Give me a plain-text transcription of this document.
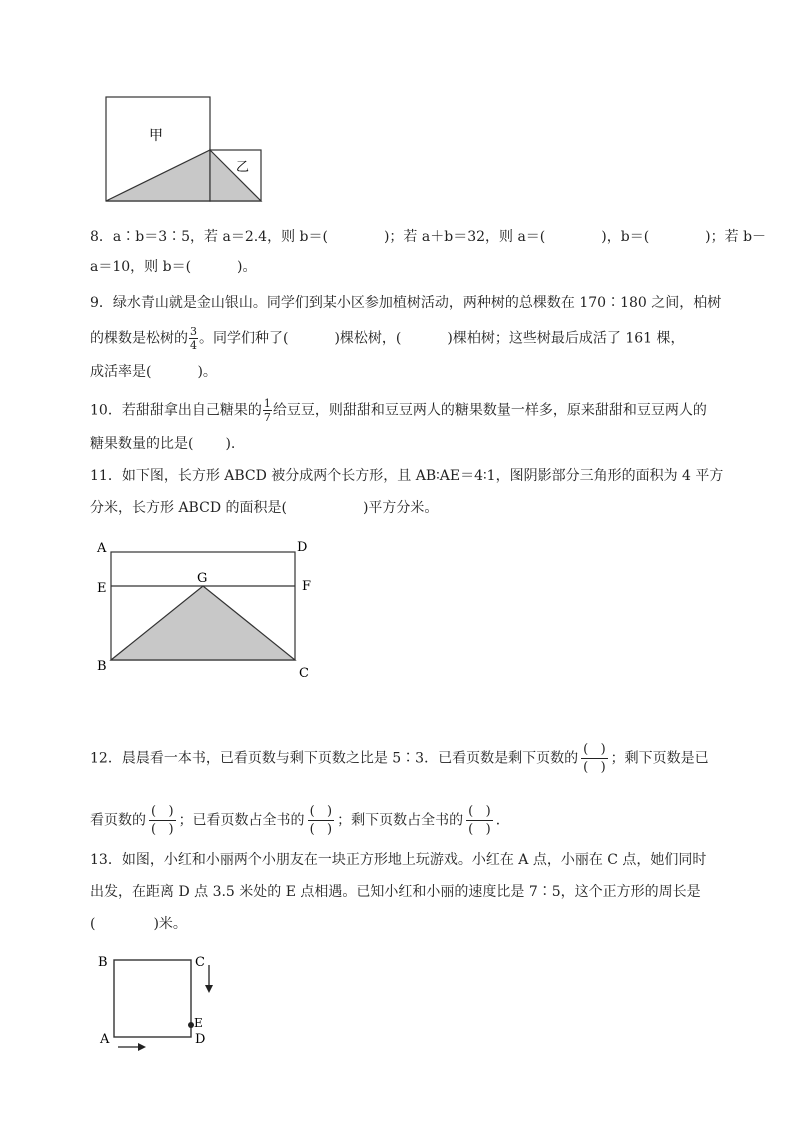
甲
乙
8．a∶b＝3∶5，若 a＝2.4，则 b＝(	)；若 a＋b＝32，则 a＝(	)，b＝(	)；若 b－
a＝10，则 b＝(	)。
9．绿水青山就是金山银山。同学们到某小区参加植树活动，两种树的总棵数在 170∶180 之间，柏树
的棵数是松树的 $\frac{3}{4}$ 。同学们种了(	)棵松树，(	)棵柏树；这些树最后成活了 161 棵，
成活率是(	)。
10．若甜甜拿出自己糖果的 $\frac{1}{7}$ 给豆豆，则甜甜和豆豆两人的糖果数量一样多，原来甜甜和豆豆两人的
糖果数量的比是( ).
11．如下图，长方形 ABCD 被分成两个长方形，且 AB∶AE＝4∶1，图阴影部分三角形的面积为 4 平方
分米，长方形 ABCD 的面积是(	)平方分米。
A	D
E	F
G
B	C
12．晨晨看一本书，已看页数与剩下页数之比是 5∶3．已看页数是剩下页数的 $\frac{( )}{( )}$ ；剩下页数是已
看页数的 $\frac{( )}{( )}$ ；已看页数占全书的 $\frac{( )}{( )}$ ；剩下页数占全书的 $\frac{( )}{( )}$ ．
13．如图，小红和小丽两个小朋友在一块正方形地上玩游戏。小红在 A 点，小丽在 C 点，她们同时
出发，在距离 D 点 3.5 米处的 E 点相遇。已知小红和小丽的速度比是 7∶5，这个正方形的周长是
(	)米。
B	C
E
A	D
